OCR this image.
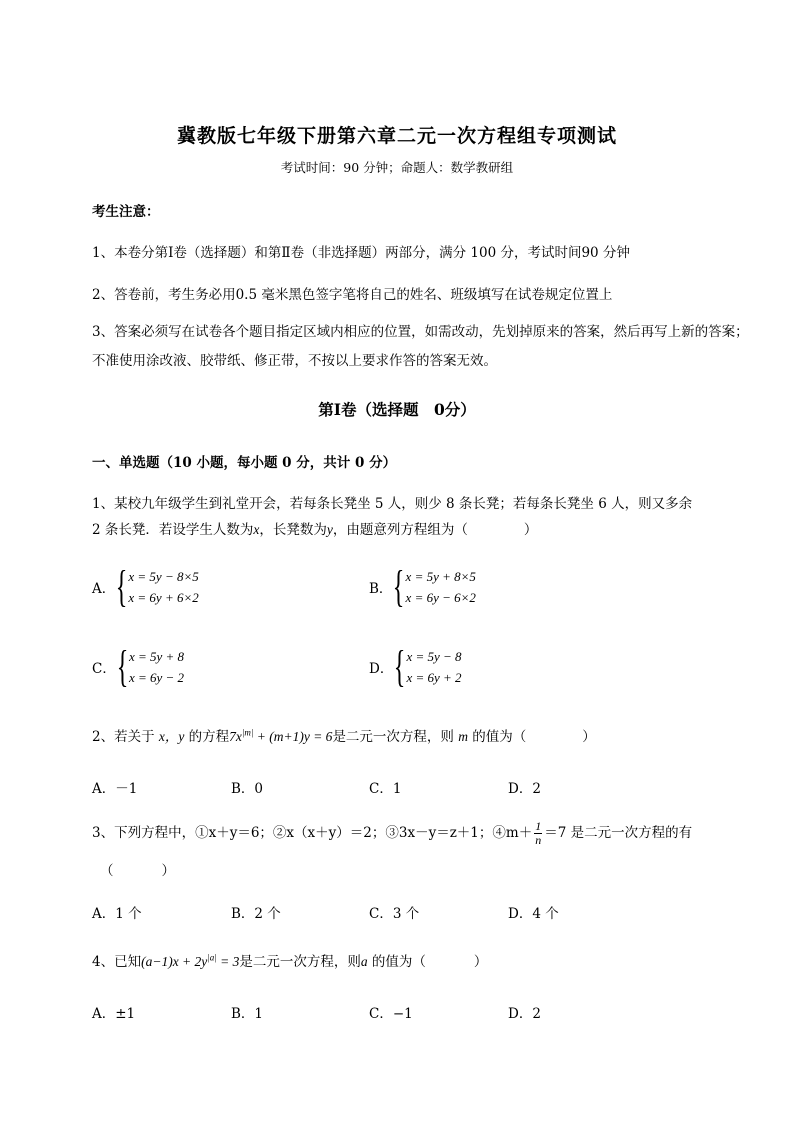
冀教版七年级下册第六章二元一次方程组专项测试
考试时间：90 分钟；命题人：数学教研组
考生注意：
1、本卷分第Ⅰ卷（选择题）和第Ⅱ卷（非选择题）两部分，满分 100 分，考试时间90 分钟
2、答卷前，考生务必用0.5 毫米黑色签字笔将自己的姓名、班级填写在试卷规定位置上
3、答案必须写在试卷各个题目指定区域内相应的位置，如需改动，先划掉原来的答案，然后再写上新的答案；不准使用涂改液、胶带纸、修正带，不按以上要求作答的答案无效。
第Ⅰ卷（选择题　0分）
一、单选题（10 小题，每小题 0 分，共计 0 分）
1、某校九年级学生到礼堂开会，若每条长凳坐 5 人，则少 8 条长凳；若每条长凳坐 6 人，则又多余
2 条长凳．若设学生人数为x，长凳数为y，由题意列方程组为（	）
A． { x = 5y − 8×5
x = 6y + 6×2
B． { x = 5y + 8×5
x = 6y − 6×2
C． { x = 5y + 8
x = 6y − 2
D． { x = 5y − 8
x = 6y + 2
2、若关于 x，y 的方程$7x^{|m|} + (m+1)y = 6$是二元一次方程，则 m 的值为（	）
A．－1	B．0	C．1	D．2
3、下列方程中，①x＋y＝6；②x（x＋y）＝2；③3x－y＝z＋1；④m＋ $\frac{1}{n} =7$ 是二元一次方程的有
（	）
A．1 个	B．2 个	C．3 个	D．4 个
4、已知$(a-1)x + 2y^{|a|} = 3$是二元一次方程，则a 的值为（	）
A．±1	B．1	C．−1	D．2
